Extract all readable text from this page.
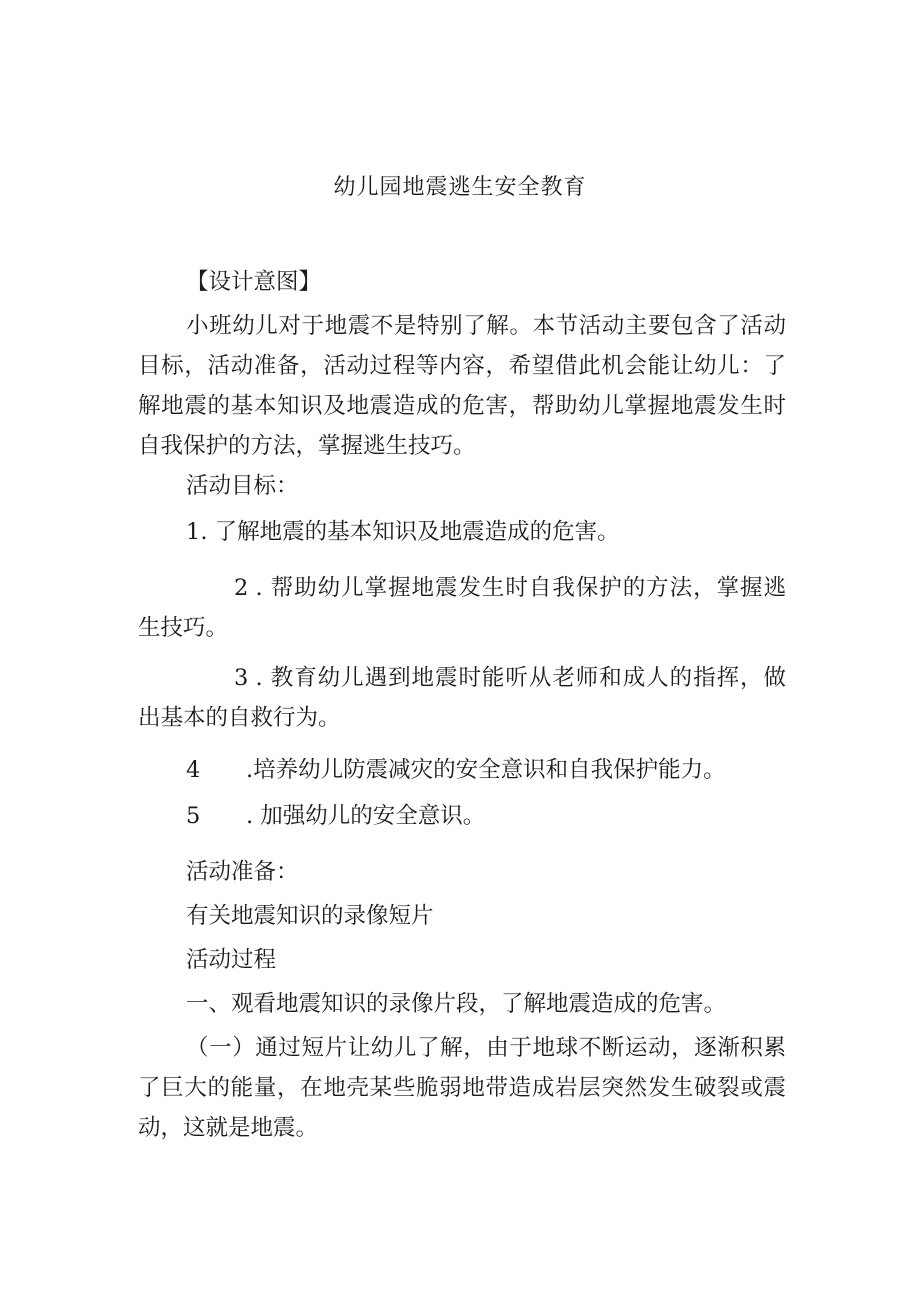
幼儿园地震逃生安全教育

【设计意图】

小班幼儿对于地震不是特别了解。本节活动主要包含了活动目标，活动准备，活动过程等内容，希望借此机会能让幼儿：了解地震的基本知识及地震造成的危害，帮助幼儿掌握地震发生时自我保护的方法，掌握逃生技巧。

活动目标：

1. 了解地震的基本知识及地震造成的危害。

2 . 帮助幼儿掌握地震发生时自我保护的方法，掌握逃生技巧。

3 . 教育幼儿遇到地震时能听从老师和成人的指挥，做出基本的自救行为。

4 .培养幼儿防震减灾的安全意识和自我保护能力。

5 . 加强幼儿的安全意识。

活动准备：

有关地震知识的录像短片

活动过程

一、观看地震知识的录像片段，了解地震造成的危害。

（一）通过短片让幼儿了解，由于地球不断运动，逐渐积累了巨大的能量，在地壳某些脆弱地带造成岩层突然发生破裂或震动，这就是地震。
